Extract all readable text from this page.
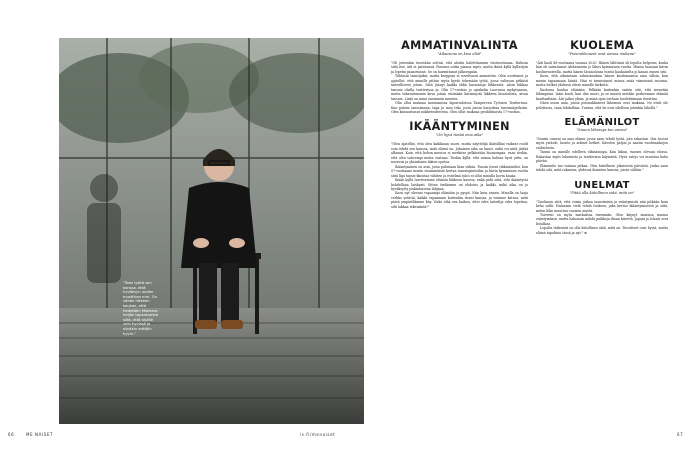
"Teen työtä sen kanssa, että hyväksyn uuden mustiikan mm. On vähän liikkeen kaukan, että tiedetään Makkara neljän tapauksesta siitä, että sisälle voin hyvissä ja siinäkin erittäin hyvin."
AMMATINVALINTA
"Aikuisena on kiva elää"

"Oli joteenkin itsestään selvää, että aloitin balettitanssin viisivuotiaana. Halusin siitä itse, äiti ei patistanut. Pienena soitin pianoa myös, mutta ikävä kyllä kyllästyin ja lopetin pianotunnit. Se on harmittanut jälkeenpäin.

Tähtäsin tanssijaksi, mutta kroppani ei soveltunut ammattiin. Olen osoittanut ja ajatellut, että minulle pitäisi myös kyetä tekemään työtä, jossa valtavan pitkästi taiteellisesti jotain. Siitä jäänyt kaikki ehkä havaintoja liikkeestä. Aloin liikkua tanssin ohella teatterissa ja. Olin 17-vuotias jo opiskelin Luovassa mykytanssia, mutta taharaisimmin kuva jotain etsimään kärsimystä liikkeen läsnäolosta, aivan tanssin. Lisää on minä enemmän muuten.

Olin ollut mukana muutamissa lapsirooleissa Tampereen Työväen Teatterissa. Kun pääsin tanssimaan, tapa ja muu teki, josta joutui harjoittaa tanssinäytöksiin. Olen kiinnostunut nukketeatterista. Olen ollut mukana produktioista 17-vuotias.

IKÄÄNTYMINEN
"On hyvä tietää oma aika"

"Olen ajatellut, että olen kaikkiaan nuori, mutta näyttelijä ikäisilläni vaikeat roolit voin tehdä sen kanssa, mitä elämä on. Jokainen aika on kausi, enkä voi niitä jättää alkanut. Koin, että kehon muutos ei merkitse pelkästään huonompaa, vaan tiedän, että olen vahvempi muita vastaan. Tiedän kyllä, että minua kohtaa hyvä juttu, on nuoruus ja yksinäinen lakien opetus.

Ikääntyminen on asia, josta puhutaan liian vähän. Tunsin itseni rikkinäiseksi, kun 57-vuotiaana menin ensimmäistä kertaa tanssiopintoihin ja kävin kymmenen vuotta siitä läpi tanssi-ikuistaa vähiten ja esitelmä tulos ei ollut minulla kovin kauaa.

Ikään kyllä tarvitsemme elämän liikkeen kasvoa, enkä pidä siitä, että ikääntyviä kohdellaan laiskasti. Sitten tiedämme on ehdotus ja kaikki, mikä aika on jo hyväksytty jonkinlaisena lahjana.

Koen nyt olevani vapaampi elämään ja pysyä. Niin kuin ennen. Minulla on laaja verkko ystäviä, kaikki vapaamme kuitenkin itseni kanssa, ja voimme katsoa, mitä päivä ympärillämme käy. Voiko elää sen kaiken, ettei edes taiteilija edes lopettaa, silti lakkaa tekemästä?"

KUOLEMA
"Poisnukkuneet ovat unissa mukana"

"Äiti kuoli 86-vuotiaana vuonna 2020. Hänen lähtönsä oli lopulta helpotus, koska hän oli sairastanut Alzheimeria jo lähes kymmenen vuotta. Hänen luonaan kävin kuolinvuoteella, mutta hänen läsnäolonsa tuntui kaukaiselta jo kauan ennen sitä.

Koen, että oikeastaan valmistauduin hänen kuolemaansa aina silloin, kun menin tapaamaan häntä. Hän ei tunnistanut minua enää viimeisinä vuosina, mutta hetket yhdessä olivat minulle tärkeitä.

Kuolema kuuluu elämään. Pelkään kuitenkin eniten sitä, että menetän lähimpiäni. Isäni kuoli, kun olin nuori, ja se muutti meidän perheemme elämää kauttaaltaan. Äiti jatkoi yksin, ja minä opin varhain huolehtimaan itsestäni.

Näen usein unia, joissa poisnukkuneet läheiseni ovat mukana. Ne eivät ole pelottavia, vaan lohdullisia. Tuntuu, että he ovat edelleen jotenkin lähellä."

ELÄMÄNILOT
"Suuun lähesvys tuo onnea"

"Suurin onneni on oma elämä, jossa saan tehdä työtä, jota rakastan. Iloa tuovat myös ystävät, luonto ja arkiset hetket. Kävelen paljon ja nautin vuodenaikojen vaihtelusta.

Tanssi on minulle edelleen elämäntapa. Kun liikun, tunnen olevani elossa. Rakastan myös lukemista ja teatterissa käymistä. Hyvä esitys voi muuttaa koko päivän.

Elämänilo tuo voimaa jatkaa. Olen kiitollinen jokaisesta päivästä, jonka saan tehdä sitä, mitä rakastan, yhdessä ihmisten kanssa, joista välitän."

UNELMAT
"Pitää olla kiitollinen siitä, mitä on"

"Unelmoin siitä, että voisin jatkaa tanssimista ja esiintymistä niin pitkään kuin keho sallii. Haluaisin vielä tehdä teoksen, joka kertoo ikääntymisestä ja siitä, miten liike muuttuu vuosien myötä.

Toiveeni on myös matkustaa enemmän. Olen käynyt monissa maissa esiintymässä, mutta haluaisin nähdä paikkoja ilman kiirettä. Japani ja Islanti ovat listallani.

Lopulta tärkeintä on olla kiitollinen siitä, mitä on. Tavoitteet ovat hyviä, mutta elämä tapahtuu tässä ja nyt." ❁

66	ME NAISET	is.fi/menaiset	67
